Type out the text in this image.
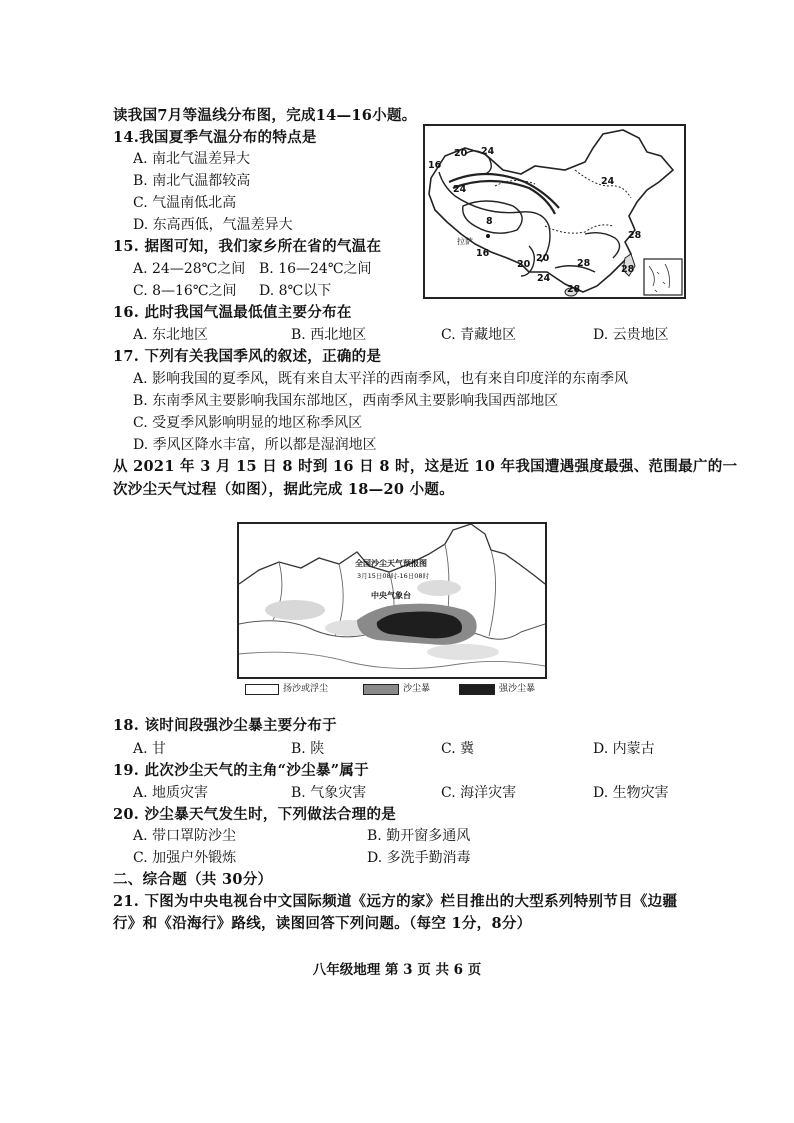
读我国7月等温线分布图，完成14—16小题。
14.我国夏季气温分布的特点是
A. 南北气温差异大
B. 南北气温都较高
C. 气温南低北高
D. 东高西低，气温差异大
15. 据图可知，我们家乡所在省的气温在
A. 24—28℃之间 B. 16—24℃之间
C. 8—16℃之间 D. 8℃以下
16
20 24
24
24
8
16
20
20
24
28
28
28
28
拉萨
16. 此时我国气温最低值主要分布在
A. 东北地区	B. 西北地区	C. 青藏地区	D. 云贵地区
17. 下列有关我国季风的叙述，正确的是
A. 影响我国的夏季风，既有来自太平洋的西南季风，也有来自印度洋的东南季风
B. 东南季风主要影响我国东部地区，西南季风主要影响我国西部地区
C. 受夏季风影响明显的地区称季风区
D. 季风区降水丰富，所以都是湿润地区
从 2021 年 3 月 15 日 8 时到 16 日 8 时，这是近 10 年我国遭遇强度最强、范围最广的一
次沙尘天气过程（如图），据此完成 18—20 小题。
全国沙尘天气预报图
3月15日08时-16日08时
中央气象台
扬沙或浮尘	沙尘暴	强沙尘暴
18. 该时间段强沙尘暴主要分布于
A. 甘	B. 陕	C. 冀	D. 内蒙古
19. 此次沙尘天气的主角“沙尘暴”属于
A. 地质灾害	B. 气象灾害	C. 海洋灾害	D. 生物灾害
20. 沙尘暴天气发生时，下列做法合理的是
A. 带口罩防沙尘	B. 勤开窗多通风
C. 加强户外锻炼	D. 多洗手勤消毒
二、综合题（共 30分）
21. 下图为中央电视台中文国际频道《远方的家》栏目推出的大型系列特别节目《边疆
行》和《沿海行》路线，读图回答下列问题。（每空 1分，8分）
八年级地理 第 3 页 共 6 页
